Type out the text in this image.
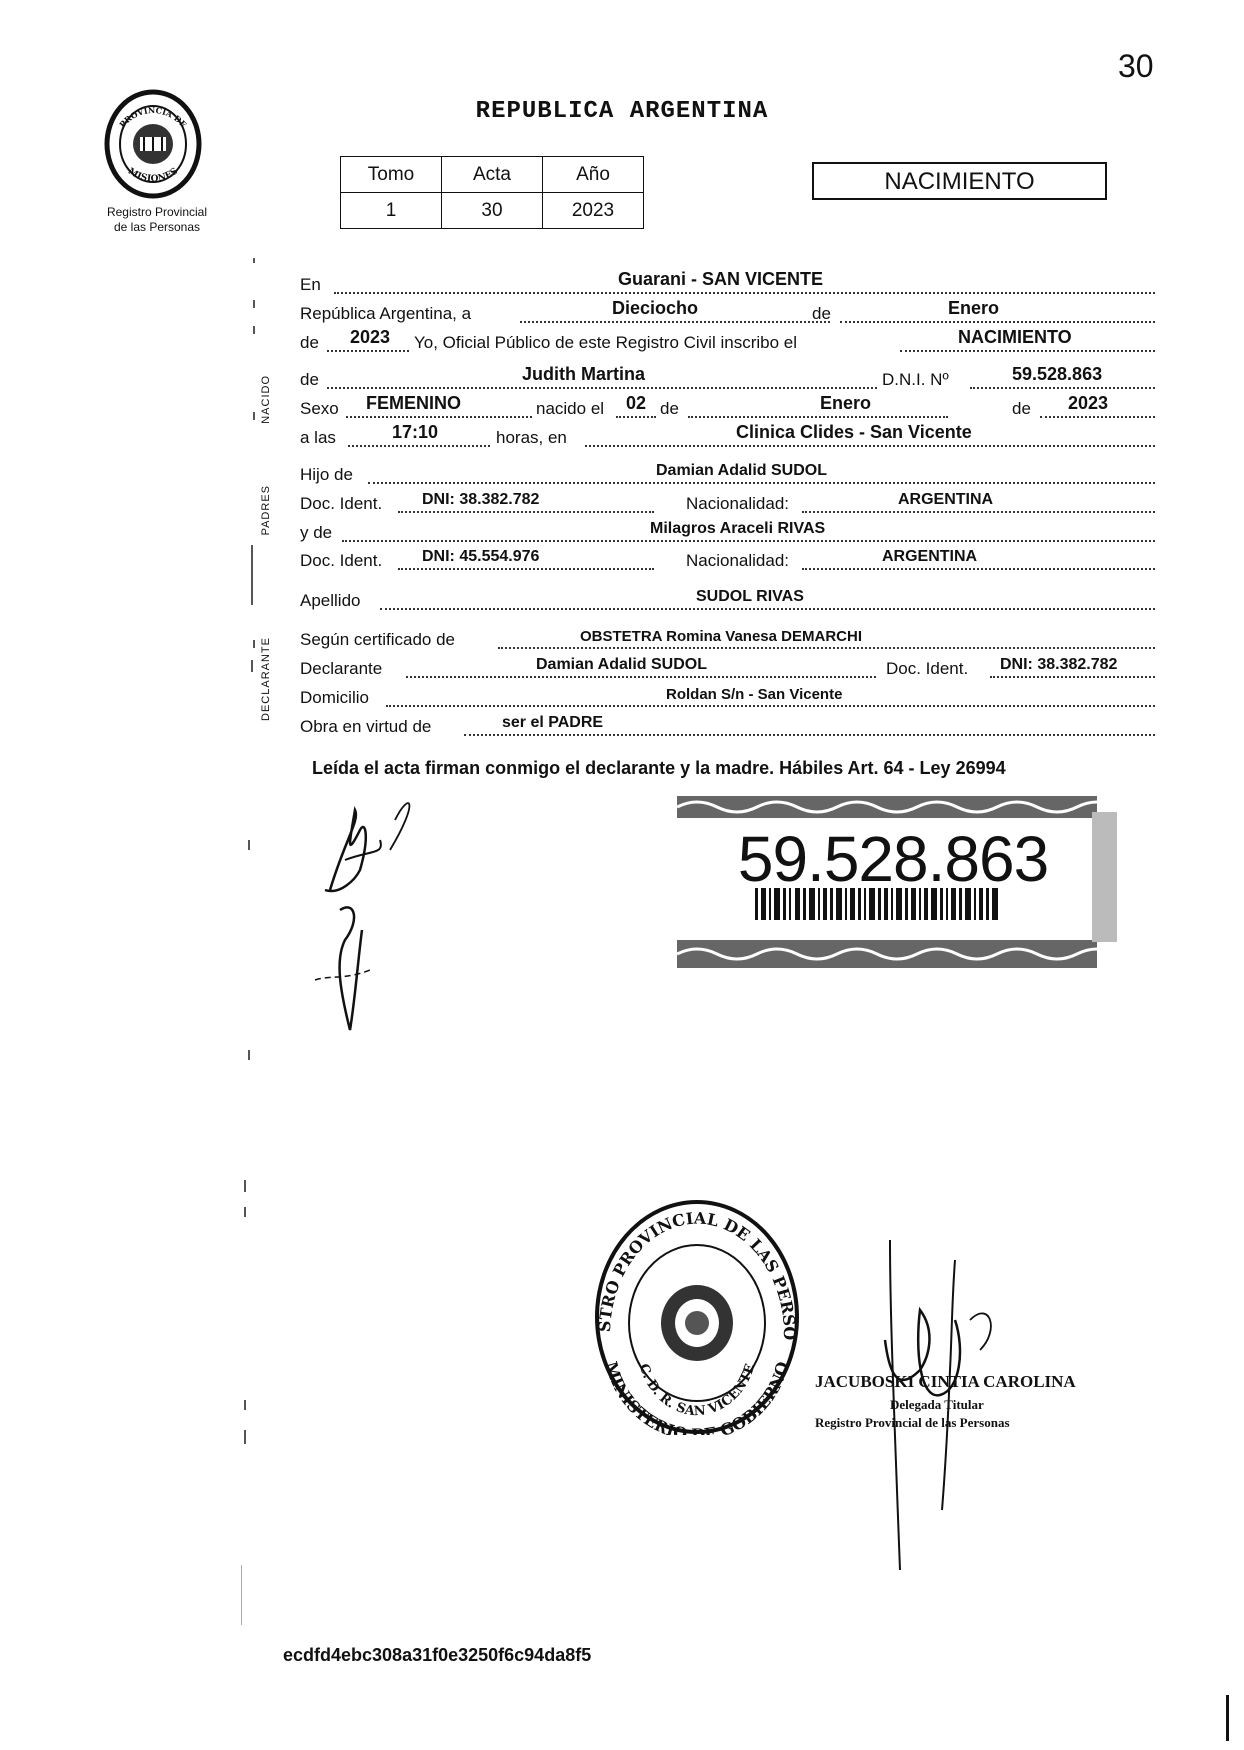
30
PROVINCIA DE
MISIONES
Registro Provincial
de las Personas
REPUBLICA ARGENTINA
Tomo	Acta	Año
1	30	2023
NACIMIENTO
NACIDO
PADRES
DECLARANTE
En	Guarani - SAN VICENTE
República Argentina, a	Dieciocho	de	Enero
de 2023 Yo, Oficial Público de este Registro Civil inscribo el	NACIMIENTO
de	Judith Martina	D.N.I. Nº	59.528.863
Sexo FEMENINO	nacido el 02 de	Enero	de 2023
a las	17:10	horas, en	Clinica Clides - San Vicente
Hijo de	Damian Adalid SUDOL
Doc. Ident. DNI: 38.382.782	Nacionalidad:	ARGENTINA
y de	Milagros Araceli RIVAS
Doc. Ident. DNI: 45.554.976	Nacionalidad:	ARGENTINA
Apellido	SUDOL RIVAS
Según certificado de	OBSTETRA Romina Vanesa DEMARCHI
Declarante	Damian Adalid SUDOL	Doc. Ident. DNI: 38.382.782
Domicilio	Roldan S/n - San Vicente
Obra en virtud de	ser el PADRE
Leída el acta firman conmigo el declarante y la madre. Hábiles Art. 64 - Ley 26994
59.528.863
STRO PROVINCIAL DE LAS PERSO
C. D. R. SAN VICENTE
MINISTERIO DE GOBIERNO
JACUBOSKI CINTIA CAROLINA
Delegada Titular
Registro Provincial de las Personas
ecdfd4ebc308a31f0e3250f6c94da8f5
